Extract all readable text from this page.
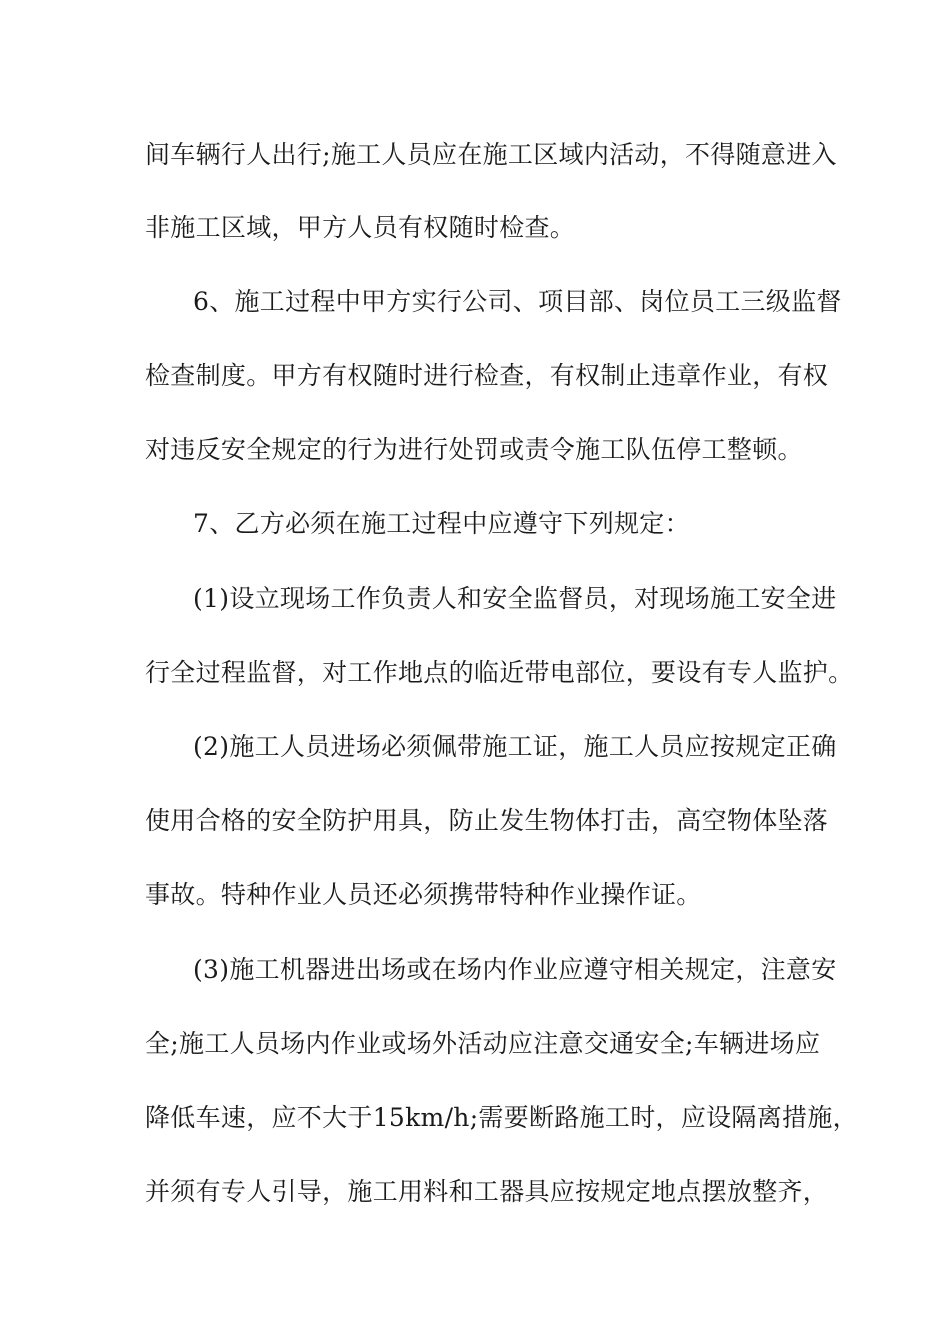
间车辆行人出行;施工人员应在施工区域内活动，不得随意进入
非施工区域，甲方人员有权随时检查。
6、施工过程中甲方实行公司、项目部、岗位员工三级监督
检查制度。甲方有权随时进行检查，有权制止违章作业，有权
对违反安全规定的行为进行处罚或责令施工队伍停工整顿。
7、乙方必须在施工过程中应遵守下列规定：
(1)设立现场工作负责人和安全监督员，对现场施工安全进
行全过程监督，对工作地点的临近带电部位，要设有专人监护。
(2)施工人员进场必须佩带施工证，施工人员应按规定正确
使用合格的安全防护用具，防止发生物体打击，高空物体坠落
事故。特种作业人员还必须携带特种作业操作证。
(3)施工机器进出场或在场内作业应遵守相关规定，注意安
全;施工人员场内作业或场外活动应注意交通安全;车辆进场应
降低车速，应不大于15km/h;需要断路施工时，应设隔离措施，
并须有专人引导，施工用料和工器具应按规定地点摆放整齐，
